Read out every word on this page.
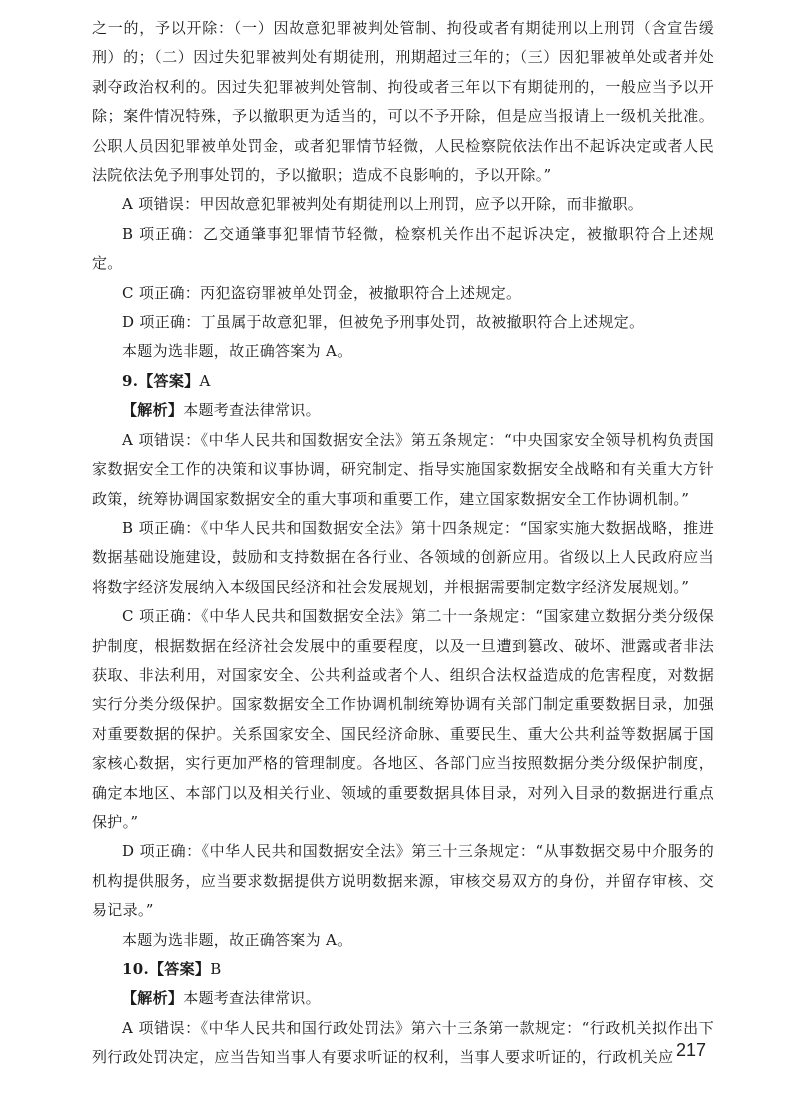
之一的，予以开除：（一）因故意犯罪被判处管制、拘役或者有期徒刑以上刑罚（含宣告缓刑）的；（二）因过失犯罪被判处有期徒刑，刑期超过三年的；（三）因犯罪被单处或者并处剥夺政治权利的。因过失犯罪被判处管制、拘役或者三年以下有期徒刑的，一般应当予以开除；案件情况特殊，予以撤职更为适当的，可以不予开除，但是应当报请上一级机关批准。公职人员因犯罪被单处罚金，或者犯罪情节轻微，人民检察院依法作出不起诉决定或者人民法院依法免予刑事处罚的，予以撤职；造成不良影响的，予以开除。”

A 项错误：甲因故意犯罪被判处有期徒刑以上刑罚，应予以开除，而非撤职。

B 项正确：乙交通肇事犯罪情节轻微，检察机关作出不起诉决定，被撤职符合上述规定。

C 项正确：丙犯盗窃罪被单处罚金，被撤职符合上述规定。

D 项正确：丁虽属于故意犯罪，但被免予刑事处罚，故被撤职符合上述规定。

本题为选非题，故正确答案为 A。

9.【答案】A

【解析】本题考查法律常识。

A 项错误：《中华人民共和国数据安全法》第五条规定：“中央国家安全领导机构负责国家数据安全工作的决策和议事协调，研究制定、指导实施国家数据安全战略和有关重大方针政策，统筹协调国家数据安全的重大事项和重要工作，建立国家数据安全工作协调机制。”

B 项正确：《中华人民共和国数据安全法》第十四条规定：“国家实施大数据战略，推进数据基础设施建设，鼓励和支持数据在各行业、各领域的创新应用。省级以上人民政府应当将数字经济发展纳入本级国民经济和社会发展规划，并根据需要制定数字经济发展规划。”

C 项正确：《中华人民共和国数据安全法》第二十一条规定：“国家建立数据分类分级保护制度，根据数据在经济社会发展中的重要程度，以及一旦遭到篡改、破坏、泄露或者非法获取、非法利用，对国家安全、公共利益或者个人、组织合法权益造成的危害程度，对数据实行分类分级保护。国家数据安全工作协调机制统筹协调有关部门制定重要数据目录，加强对重要数据的保护。关系国家安全、国民经济命脉、重要民生、重大公共利益等数据属于国家核心数据，实行更加严格的管理制度。各地区、各部门应当按照数据分类分级保护制度，确定本地区、本部门以及相关行业、领域的重要数据具体目录，对列入目录的数据进行重点保护。”

D 项正确：《中华人民共和国数据安全法》第三十三条规定：“从事数据交易中介服务的机构提供服务，应当要求数据提供方说明数据来源，审核交易双方的身份，并留存审核、交易记录。”

本题为选非题，故正确答案为 A。

10.【答案】B

【解析】本题考查法律常识。

A 项错误：《中华人民共和国行政处罚法》第六十三条第一款规定：“行政机关拟作出下列行政处罚决定，应当告知当事人有要求听证的权利，当事人要求听证的，行政机关应 217
